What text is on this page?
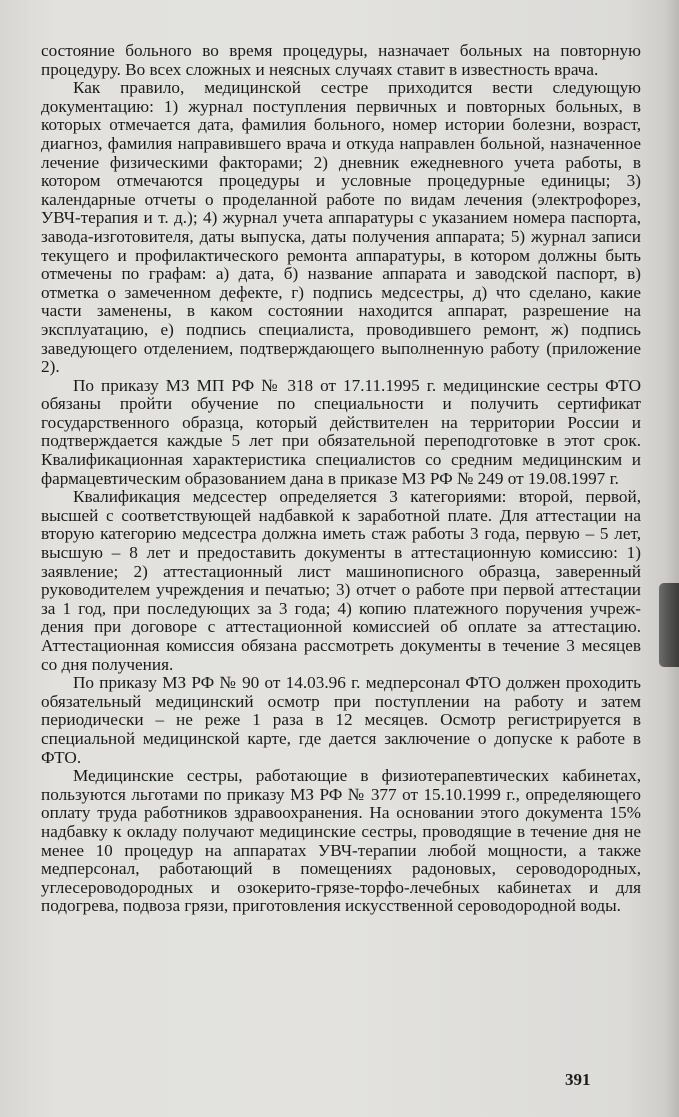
состояние больного во время процедуры, назначает больных на повторную процедуру. Во всех сложных и неясных случаях ставит в известность врача.

Как правило, медицинской сестре приходится вести следующую документацию: 1) журнал поступления первичных и повторных больных, в которых отмечается дата, фамилия больного, номер истории болезни, возраст, диагноз, фамилия направившего врача и откуда направлен больной, назначенное лечение физическими факторами; 2) дневник ежедневного учета работы, в котором отмечаются процедуры и условные процедурные единицы; 3) календарные отчеты о проделанной работе по видам лечения (электрофорез, УВЧ-терапия и т. д.); 4) журнал учета аппаратуры с указанием номера паспорта, завода-изготовителя, даты выпуска, даты получения аппарата; 5) журнал записи текущего и профилактического ремонта аппаратуры, в котором должны быть отмечены по графам: а) дата, б) название аппарата и заводской паспорт, в) отметка о замеченном дефекте, г) подпись медсестры, д) что сделано, какие части заменены, в каком состоянии находится аппарат, разрешение на эксплуатацию, е) подпись специалиста, проводившего ремонт, ж) подпись заведующего отделением, подтверждающего выполненную работу (приложение 2).

По приказу МЗ МП РФ № 318 от 17.11.1995 г. медицинские сестры ФТО обязаны пройти обучение по специальности и получить сертификат государственного образца, который действителен на территории России и подтверждается каждые 5 лет при обязательной переподготовке в этот срок. Квалификационная характеристика специалистов со средним медицинским и фармацевтическим образованием дана в приказе МЗ РФ № 249 от 19.08.1997 г.

Квалификация медсестер определяется 3 категориями: второй, первой, высшей с соответствующей надбавкой к заработной плате. Для аттестации на вторую категорию медсестра должна иметь стаж работы 3 года, первую – 5 лет, высшую – 8 лет и предоставить документы в аттестационную комиссию: 1) заявление; 2) аттестационный лист машинописного образца, заверенный руководителем учреждения и печатью; 3) отчет о работе при первой аттестации за 1 год, при последующих за 3 года; 4) копию платежного поручения учреждения при договоре с аттестационной комиссией об оплате за аттестацию. Аттестационная комиссия обязана рассмотреть документы в течение 3 месяцев со дня получения.

По приказу МЗ РФ № 90 от 14.03.96 г. медперсонал ФТО должен проходить обязательный медицинский осмотр при поступлении на работу и затем периодически – не реже 1 раза в 12 месяцев. Осмотр регистрируется в специальной медицинской карте, где дается заключение о допуске к работе в ФТО.

Медицинские сестры, работающие в физиотерапевтических кабинетах, пользуются льготами по приказу МЗ РФ № 377 от 15.10.1999 г., определяющего оплату труда работников здравоохранения. На основании этого документа 15% надбавку к окладу получают медицинские сестры, проводящие в течение дня не менее 10 процедур на аппаратах УВЧ-терапии любой мощности, а также медперсонал, работающий в помещениях радоновых, сероводородных, углесероводородных и озокерито-грязе-торфо-лечебных кабинетах и для подогрева, подвоза грязи, приготовления искусственной сероводородной воды.

391
